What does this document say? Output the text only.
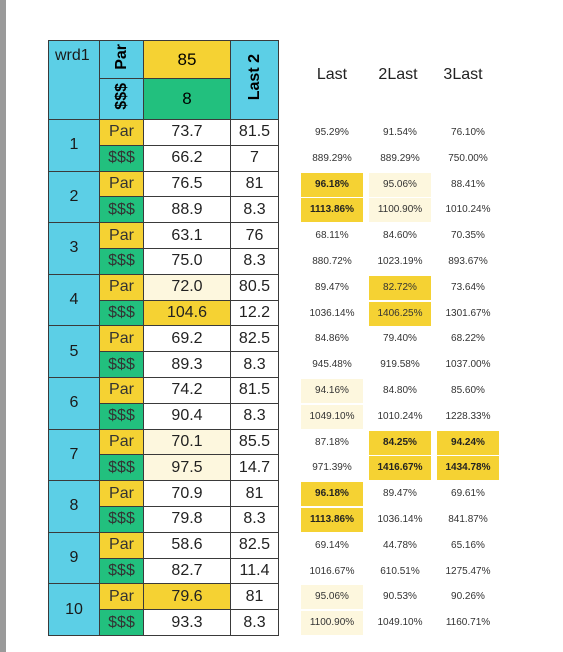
wrd1	Par	85	Last 2
	$$$	8	
1	Par	73.7	81.5
	$$$	66.2	7
2	Par	76.5	81
	$$$	88.9	8.3
3	Par	63.1	76
	$$$	75.0	8.3
4	Par	72.0	80.5
	$$$	104.6	12.2
5	Par	69.2	82.5
	$$$	89.3	8.3
6	Par	74.2	81.5
	$$$	90.4	8.3
7	Par	70.1	85.5
	$$$	97.5	14.7
8	Par	70.9	81
	$$$	79.8	8.3
9	Par	58.6	82.5
	$$$	82.7	11.4
10	Par	79.6	81
	$$$	93.3	8.3
Last	2Last	3Last
95.29%	91.54%	76.10%
889.29%	889.29%	750.00%
96.18%	95.06%	88.41%
1113.86%	1100.90%	1010.24%
68.11%	84.60%	70.35%
880.72%	1023.19%	893.67%
89.47%	82.72%	73.64%
1036.14%	1406.25%	1301.67%
84.86%	79.40%	68.22%
945.48%	919.58%	1037.00%
94.16%	84.80%	85.60%
1049.10%	1010.24%	1228.33%
87.18%	84.25%	94.24%
971.39%	1416.67%	1434.78%
96.18%	89.47%	69.61%
1113.86%	1036.14%	841.87%
69.14%	44.78%	65.16%
1016.67%	610.51%	1275.47%
95.06%	90.53%	90.26%
1100.90%	1049.10%	1160.71%
